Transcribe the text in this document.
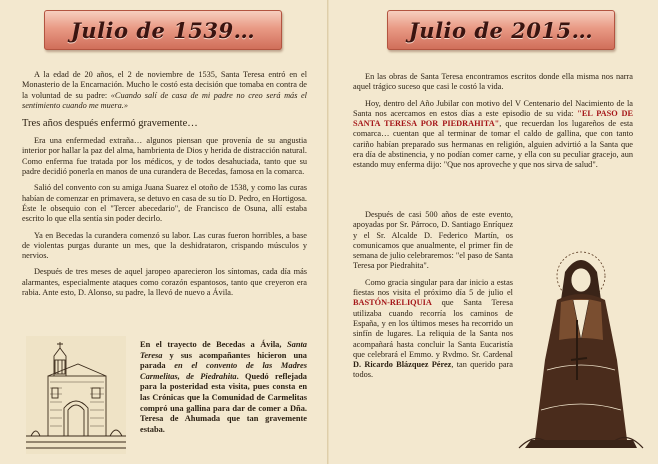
Julio de 1539…

A la edad de 20 años, el 2 de noviembre de 1535, Santa Teresa entró en el Monasterio de la Encarnación. Mucho le costó esta decisión que tomaba en contra de la voluntad de su padre: «Cuando salí de casa de mi padre no creo será más el sentimiento cuando me muera.»

Tres años después enfermó gravemente…

Era una enfermedad extraña… algunos piensan que provenía de su angustia interior por hallar la paz del alma, hambrienta de Dios y herida de distracción natural. Como enferma fue tratada por los médicos, y de todos desahuciada, tanto que su padre decidió ponerla en manos de una curandera de Becedas, famosa en la comarca.

Salió del convento con su amiga Juana Suarez el otoño de 1538, y como las curas habían de comenzar en primavera, se detuvo en casa de su tío D. Pedro, en Hortigosa. Éste le obsequio con el "Tercer abecedario", de Francisco de Osuna, allí estaba escrito lo que ella sentía sin poder decirlo.

Ya en Becedas la curandera comenzó su labor. Las curas fueron horribles, a base de violentas purgas durante un mes, que la deshidrataron, crispando músculos y nervios.

Después de tres meses de aquel jaropeo aparecieron los síntomas, cada día más alarmantes, especialmente ataques como corazón espantosos, tanto que creyeron era rabia. Ante esto, D. Alonso, su padre, la llevó de nuevo a Ávila.

En el trayecto de Becedas a Ávila, Santa Teresa y sus acompañantes hicieron una parada en el convento de las Madres Carmelitas, de Piedrahita. Quedó reflejada para la posteridad esta visita, pues consta en las Crónicas que la Comunidad de Carmelitas compró una gallina para dar de comer a Dña. Teresa de Ahumada que tan gravemente estaba.

Julio de 2015…

En las obras de Santa Teresa encontramos escritos donde ella misma nos narra aquel trágico suceso que casi le costó la vida.

Hoy, dentro del Año Jubilar con motivo del V Centenario del Nacimiento de la Santa nos acercamos en estos días a este episodio de su vida: "EL PASO DE SANTA TERESA POR PIEDRAHITA", que recuerdan los lugareños de esta comarca… cuentan que al terminar de tomar el caldo de gallina, que con tanto cariño habían preparado sus hermanas en religión, alguien advirtió a la Santa que era día de abstinencia, y no podían comer carne, y ella con su peculiar gracejo, aun estando muy enferma dijo: "Que nos aproveche y que nos sirva de salud".

Después de casi 500 años de este evento, apoyadas por Sr. Párroco, D. Santiago Enríquez y el Sr. Alcalde D. Federico Martín, os comunicamos que anualmente, el primer fin de semana de julio celebraremos: "el paso de Santa Teresa por Piedrahita".

Como gracia singular para dar inicio a estas fiestas nos visita el próximo día 5 de julio el BASTÓN-RELIQUIA que Santa Teresa utilizaba cuando recorría los caminos de España, y en los últimos meses ha recorrido un sinfín de lugares. La reliquia de la Santa nos acompañará hasta concluir la Santa Eucaristía que celebrará el Emmo. y Rvdmo. Sr. Cardenal D. Ricardo Blázquez Pérez, tan querido para todos.
